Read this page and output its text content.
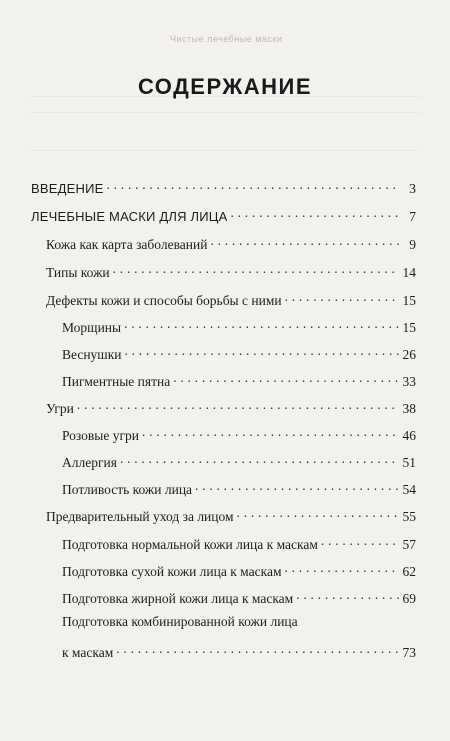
Чистые лечебные маски
СОДЕРЖАНИЕ
ВВЕДЕНИЕ . . .	3
ЛЕЧЕБНЫЕ МАСКИ ДЛЯ ЛИЦА . . .	7
Кожа как карта заболеваний . . .	9
Типы кожи . . .	14
Дефекты кожи и способы борьбы с ними . . .	15
Морщины . . .	15
Веснушки . . .	26
Пигментные пятна . . .	33
Угри . . .	38
Розовые угри . . .	46
Аллергия . . .	51
Потливость кожи лица . . .	54
Предварительный уход за лицом . . .	55
Подготовка нормальной кожи лица к маскам . . .	57
Подготовка сухой кожи лица к маскам . . .	62
Подготовка жирной кожи лица к маскам . . .	69
Подготовка комбинированной кожи лица
к маскам . . .	73
